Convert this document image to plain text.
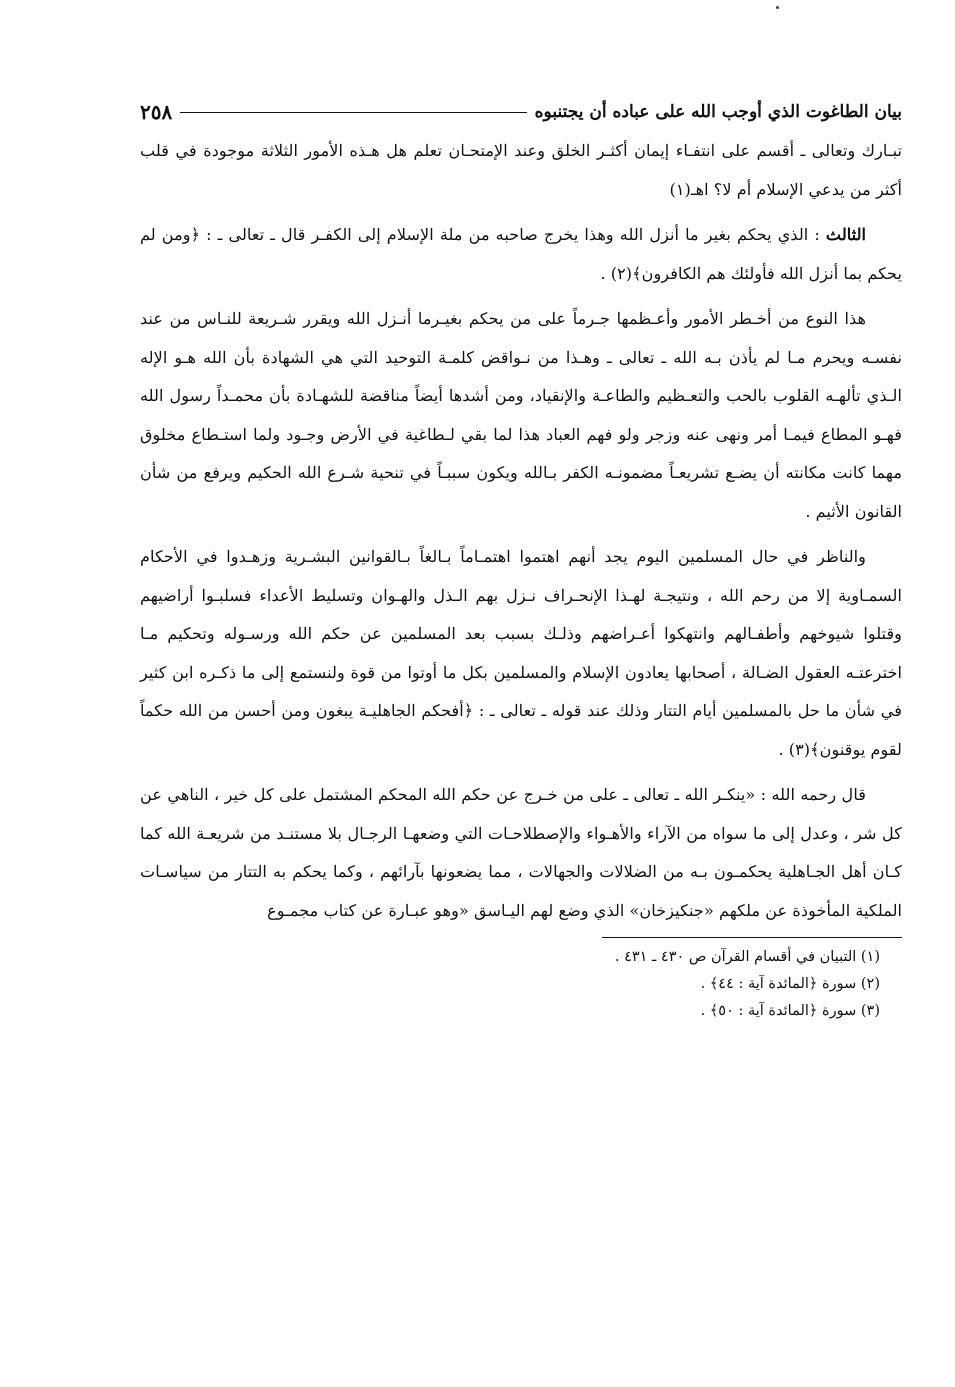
بيان الطاغوت الذي أوجب الله على عباده أن يجتنبوه
٢٥٨

تبـارك وتعالى ـ أقسم على انتفـاء إيمان أكثـر الخلق وعند الإمتحـان تعلم هل هـذه الأمور الثلاثة موجودة في قلب أكثر من يدعي الإسلام أم لا؟ اهـ(١)

الثالث : الذي يحكم بغير ما أنزل الله وهذا يخرج صاحبه من ملة الإسلام إلى الكفـر قال ـ تعالى ـ : ﴿ومن لم يحكم بما أنزل الله فأولئك هم الكافرون﴾(٢) .

هذا النوع من أخـطر الأمور وأعـظمها جـرماً على من يحكم بغيـرما أنـزل الله ويقرر شـريعة للنـاس من عند نفسـه ويحرم مـا لم يأذن بـه الله ـ تعالى ـ وهـذا من نـواقض كلمـة التوحيد التي هي الشهادة بأن الله هـو الإله الـذي تألهـه القلوب بالحب والتعـظيم والطاعـة والإنقياد، ومن أشدها أيضاً مناقضة للشهـادة بأن محمـداً رسول الله فهـو المطاع فيمـا أمر ونهى عنه وزجر ولو فهم العباد هذا لما بقي لـطاغية في الأرض وجـود ولما استـطاع مخلوق مهما كانت مكانته أن يضـع تشريعـاً مضمونـه الكفر بـالله ويكون سببـاً في تنحية شـرع الله الحكيم ويرفع من شأن القانون الأثيم .

والناظر في حال المسلمين اليوم يجد أنهم اهتموا اهتمـاماً بـالغاً بـالقوانين البشـرية وزهـدوا في الأحكام السمـاوية إلا من رحم الله ، ونتيجـة لهـذا الإنحـراف نـزل بهم الـذل والهـوان وتسليط الأعداء فسلبـوا أراضيهم وقتلوا شيوخهم وأطفـالهم وانتهكوا أعـراضهم وذلـك بسبب بعد المسلمين عن حكم الله ورسـوله وتحكيم مـا اخترعتـه العقول الضـالة ، أصحابها يعادون الإسلام والمسلمين بكل ما أوتوا من قوة ولنستمع إلى ما ذكـره ابن كثير في شأن ما حل بالمسلمين أيام التتار وذلك عند قوله ـ تعالى ـ : ﴿أفحكم الجاهليـة يبغون ومن أحسن من الله حكماً لقوم يوقنون﴾(٣) .

قال رحمه الله : «ينكـر الله ـ تعالى ـ على من خـرج عن حكم الله المحكم المشتمل على كل خير ، الناهي عن كل شر ، وعدل إلى ما سواه من الآراء والأهـواء والإصطلاحـات التي وضعهـا الرجـال بلا مستنـد من شريعـة الله كما كـان أهل الجـاهلية يحكمـون بـه من الضلالات والجهالات ، مما يضعونها بآرائهم ، وكما يحكم به التتار من سياسـات الملكية المأخوذة عن ملكهم «جنكيزخان» الذي وضع لهم اليـاسق «وهو عبـارة عن كتاب مجمـوع

(١) التبيان في أقسام القرآن ص ٤٣٠ ـ ٤٣١ .

(٢) سورة ﴿المائدة آية : ٤٤﴾ .

(٣) سورة ﴿المائدة آية : ٥٠﴾ .
